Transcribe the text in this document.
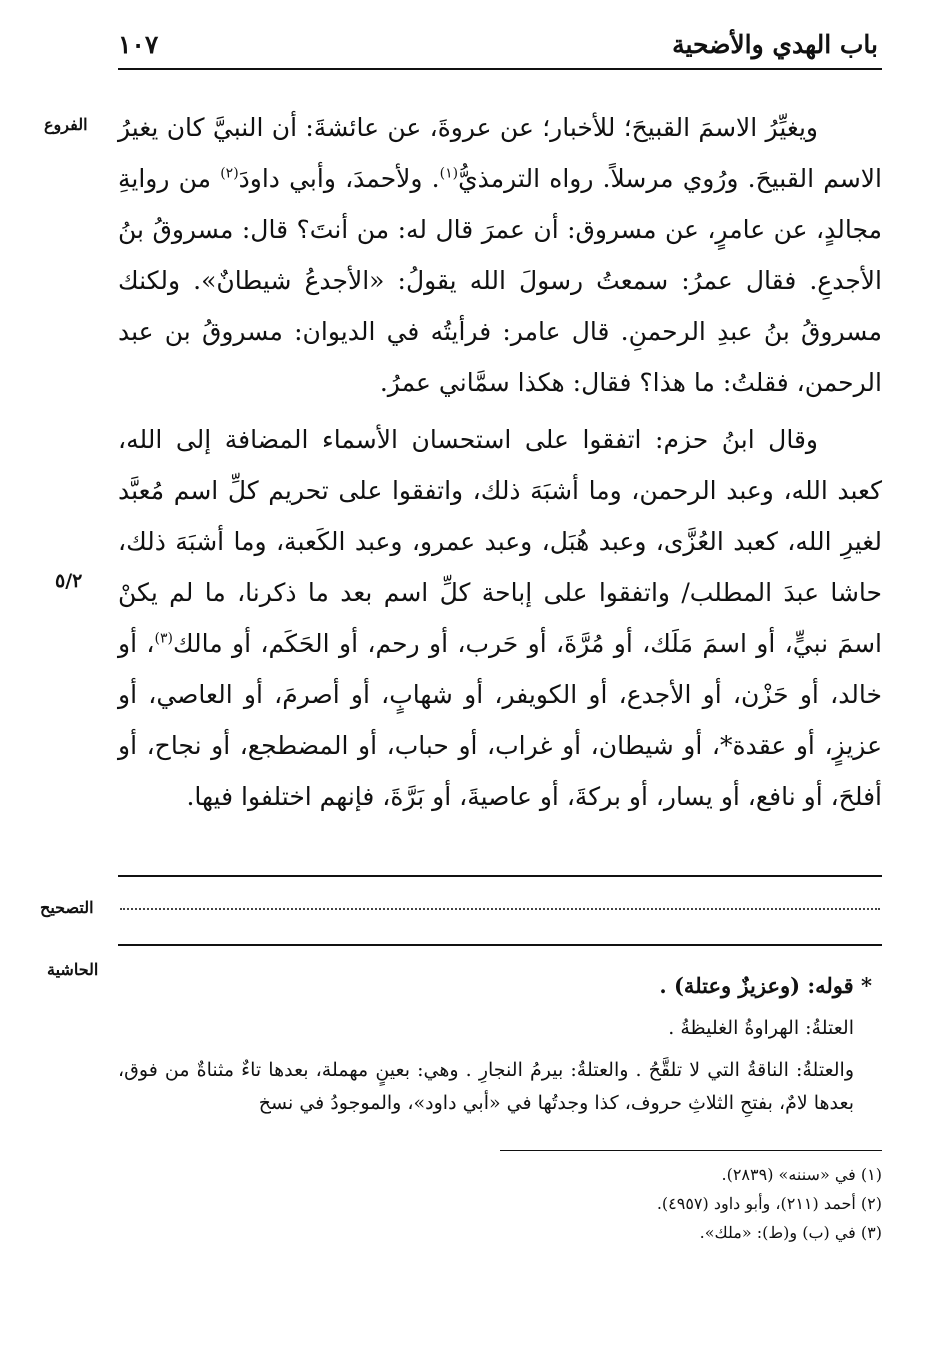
باب الهدي والأضحية
١٠٧
الفروع
٥/٢
التصحيح
الحاشية

ويغيِّرُ الاسمَ القبيحَ؛ للأخبار؛ عن عروةَ، عن عائشةَ: أن النبيَّ كان يغيرُ الاسم القبيحَ. ورُوي مرسلاً. رواه الترمذيُّ$^{(١)}$. ولأحمدَ، وأبي داودَ$^{(٢)}$ من روايةِ مجالدٍ، عن عامرٍ، عن مسروق: أن عمرَ قال له: من أنتَ؟ قال: مسروقُ بنُ الأجدعِ. فقال عمرُ: سمعتُ رسولَ الله يقولُ: «الأجدعُ شيطانٌ». ولكنك مسروقُ بنُ عبدِ الرحمنِ. قال عامر: فرأيتُه في الديوان: مسروقُ بن عبد الرحمن، فقلتُ: ما هذا؟ فقال: هكذا سمَّاني عمرُ.

وقال ابنُ حزم: اتفقوا على استحسان الأسماء المضافة إلى الله، كعبد الله، وعبد الرحمن، وما أشبَهَ ذلك، واتفقوا على تحريم كلِّ اسم مُعبَّد لغيرِ الله، كعبد العُزَّى، وعبد هُبَل، وعبد عمرو، وعبد الكَعبة، وما أشبَهَ ذلك، حاشا عبدَ المطلب/ واتفقوا على إباحة كلِّ اسم بعد ما ذكرنا، ما لم يكنْ اسمَ نبيٍّ، أو اسمَ مَلَك، أو مُرَّةَ، أو حَرب، أو رحم، أو الحَكَم، أو مالك$^{(٣)}$، أو خالد، أو حَزْن، أو الأجدع، أو الكويفر، أو شهابٍ، أو أصرمَ، أو العاصي، أو عزيزٍ، أو عقدة*، أو شيطان، أو غراب، أو حباب، أو المضطجع، أو نجاح، أو أفلحَ، أو نافع، أو يسار، أو بركةَ، أو عاصيةَ، أو بَرَّةَ، فإنهم اختلفوا فيها.

* قوله: (وعزيزٌ وعتلة) .
العتلةُ: الهراوةُ الغليظةُ .
والعتلةُ: الناقةُ التي لا تلقَّحُ . والعتلةُ: بيرمُ النجارِ . وهي: بعينٍ مهملة، بعدها تاءٌ مثناةٌ من فوق، بعدها لامٌ، بفتحِ الثلاثِ حروف، كذا وجدتُها في «أبي داود»، والموجودُ في نسخ
(١) في «سننه» (٢٨٣٩).
(٢) أحمد (٢١١)، وأبو داود (٤٩٥٧).
(٣) في (ب) و(ط): «ملك».
